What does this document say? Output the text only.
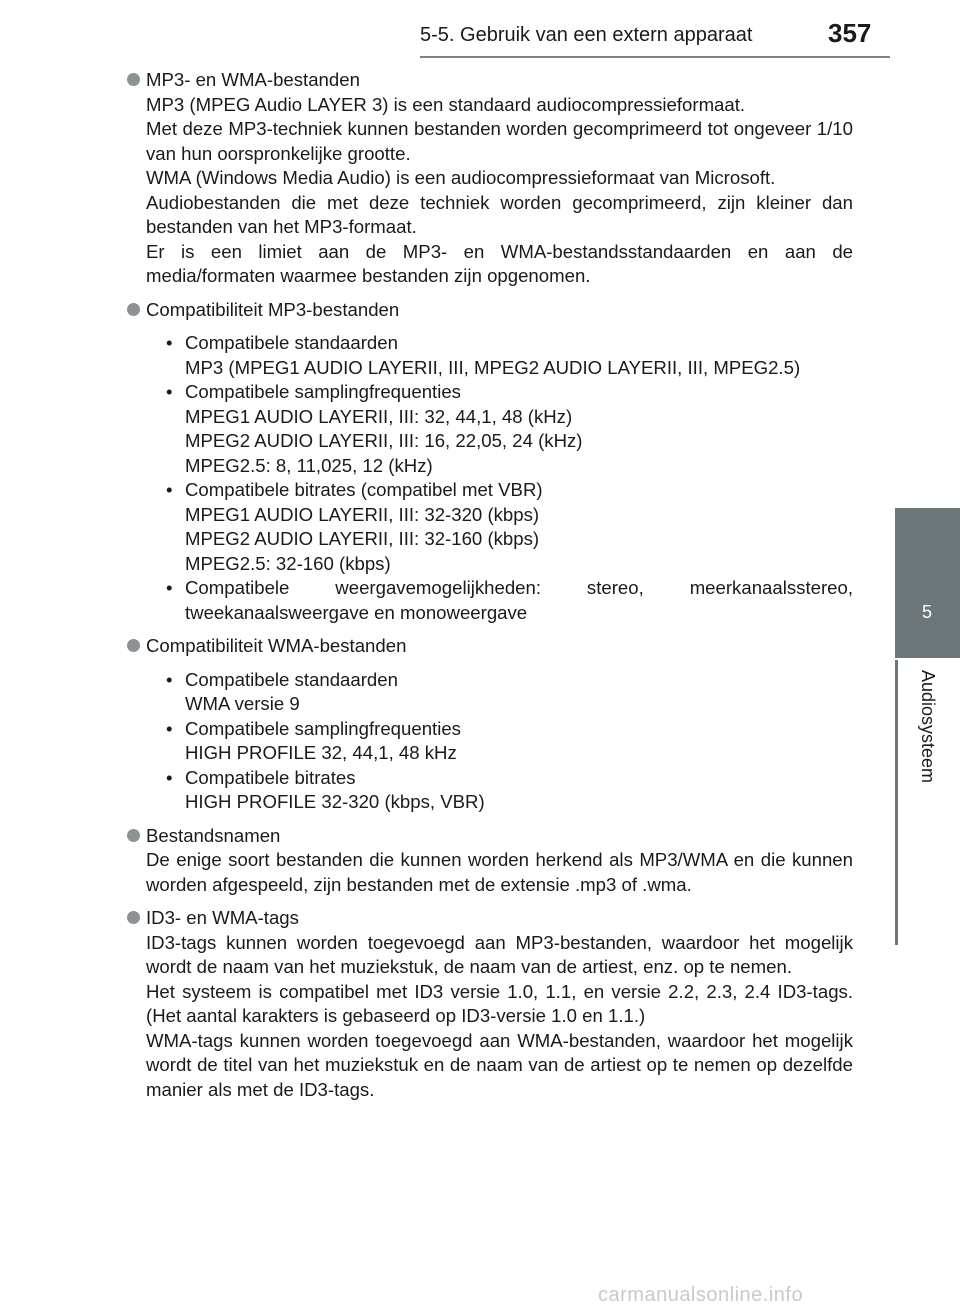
5-5. Gebruik van een extern apparaat	357
5
Audiosysteem
MP3- en WMA-bestanden
MP3 (MPEG Audio LAYER 3) is een standaard audiocompressieformaat.
Met deze MP3-techniek kunnen bestanden worden gecomprimeerd tot ongeveer 1/10 van hun oorspronkelijke grootte.
WMA (Windows Media Audio) is een audiocompressieformaat van Microsoft.
Audiobestanden die met deze techniek worden gecomprimeerd, zijn kleiner dan bestanden van het MP3-formaat.
Er is een limiet aan de MP3- en WMA-bestandsstandaarden en aan de media/formaten waarmee bestanden zijn opgenomen.
Compatibiliteit MP3-bestanden
• Compatibele standaarden
MP3 (MPEG1 AUDIO LAYERII, III, MPEG2 AUDIO LAYERII, III, MPEG2.5)
• Compatibele samplingfrequenties
MPEG1 AUDIO LAYERII, III: 32, 44,1, 48 (kHz)
MPEG2 AUDIO LAYERII, III: 16, 22,05, 24 (kHz)
MPEG2.5: 8, 11,025, 12 (kHz)
• Compatibele bitrates (compatibel met VBR)
MPEG1 AUDIO LAYERII, III: 32-320 (kbps)
MPEG2 AUDIO LAYERII, III: 32-160 (kbps)
MPEG2.5: 32-160 (kbps)
• Compatibele weergavemogelijkheden: stereo, meerkanaalsstereo, tweekanaalsweergave en monoweergave
Compatibiliteit WMA-bestanden
• Compatibele standaarden
WMA versie 9
• Compatibele samplingfrequenties
HIGH PROFILE 32, 44,1, 48 kHz
• Compatibele bitrates
HIGH PROFILE 32-320 (kbps, VBR)
Bestandsnamen
De enige soort bestanden die kunnen worden herkend als MP3/WMA en die kunnen worden afgespeeld, zijn bestanden met de extensie .mp3 of .wma.
ID3- en WMA-tags
ID3-tags kunnen worden toegevoegd aan MP3-bestanden, waardoor het mogelijk wordt de naam van het muziekstuk, de naam van de artiest, enz. op te nemen.
Het systeem is compatibel met ID3 versie 1.0, 1.1, en versie 2.2, 2.3, 2.4 ID3-tags. (Het aantal karakters is gebaseerd op ID3-versie 1.0 en 1.1.)
WMA-tags kunnen worden toegevoegd aan WMA-bestanden, waardoor het mogelijk wordt de titel van het muziekstuk en de naam van de artiest op te nemen op dezelfde manier als met de ID3-tags.
carmanualsonline.info
